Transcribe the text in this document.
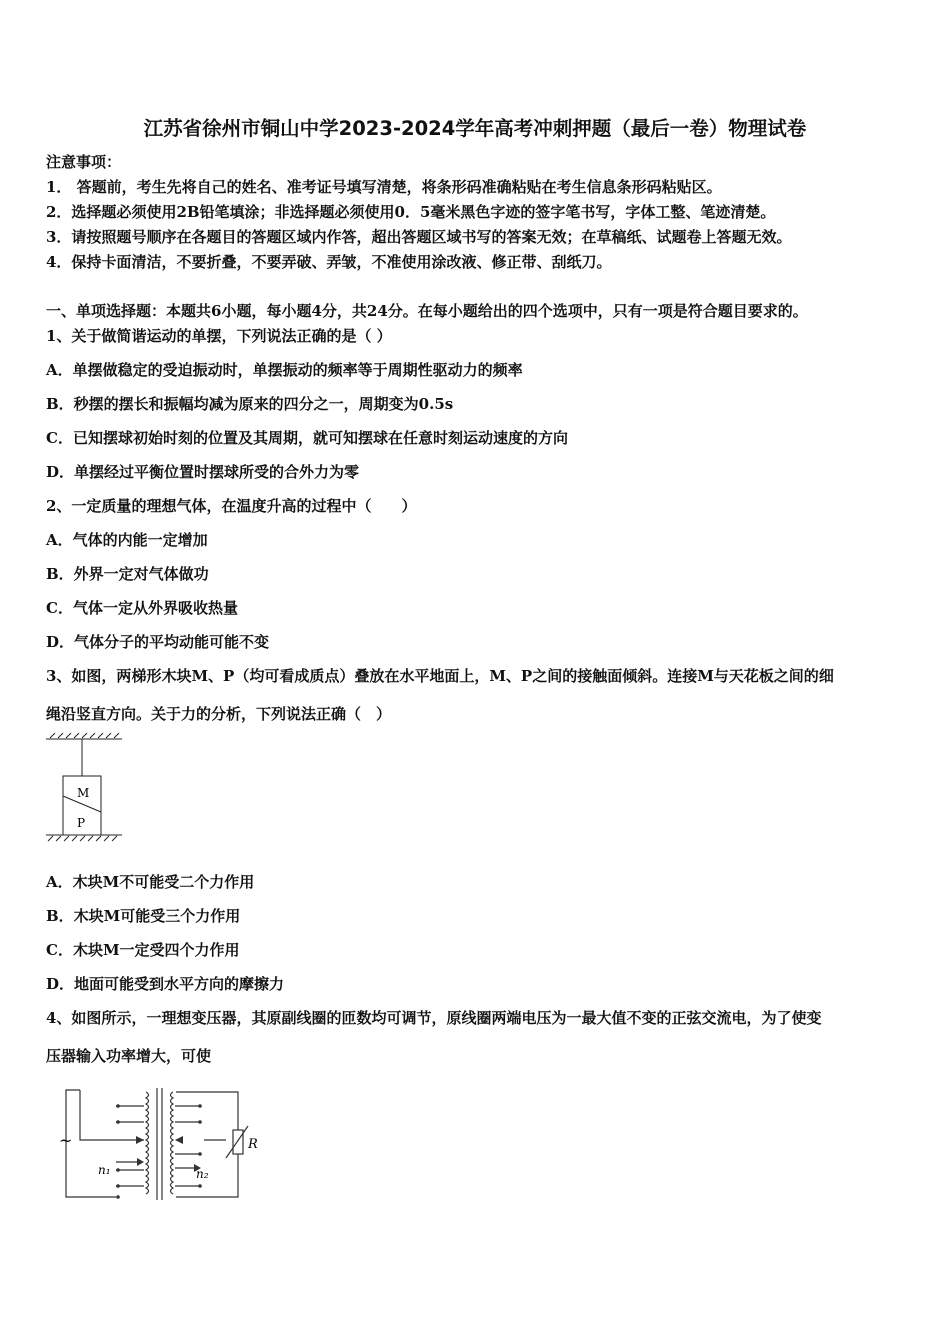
江苏省徐州市铜山中学2023-2024学年高考冲刺押题（最后一卷）物理试卷
注意事项：
1． 答题前，考生先将自己的姓名、准考证号填写清楚，将条形码准确粘贴在考生信息条形码粘贴区。
2．选择题必须使用2B铅笔填涂；非选择题必须使用0．5毫米黑色字迹的签字笔书写，字体工整、笔迹清楚。
3．请按照题号顺序在各题目的答题区域内作答，超出答题区域书写的答案无效；在草稿纸、试题卷上答题无效。
4．保持卡面清洁，不要折叠，不要弄破、弄皱，不准使用涂改液、修正带、刮纸刀。
一、单项选择题：本题共6小题，每小题4分，共24分。在每小题给出的四个选项中，只有一项是符合题目要求的。
1、关于做简谐运动的单摆，下列说法正确的是（ ）
A．单摆做稳定的受迫振动时，单摆振动的频率等于周期性驱动力的频率
B．秒摆的摆长和振幅均减为原来的四分之一，周期变为0.5s
C．已知摆球初始时刻的位置及其周期，就可知摆球在任意时刻运动速度的方向
D．单摆经过平衡位置时摆球所受的合外力为零
2、一定质量的理想气体，在温度升高的过程中（　　）
A．气体的内能一定增加
B．外界一定对气体做功
C．气体一定从外界吸收热量
D．气体分子的平均动能可能不变
3、如图，两梯形木块M、P（均可看成质点）叠放在水平地面上，M、P之间的接触面倾斜。连接M与天花板之间的细
绳沿竖直方向。关于力的分析，下列说法正确（　）
M
P
A．木块M不可能受二个力作用
B．木块M可能受三个力作用
C．木块M一定受四个力作用
D．地面可能受到水平方向的摩擦力
4、如图所示，一理想变压器，其原副线圈的匝数均可调节，原线圈两端电压为一最大值不变的正弦交流电，为了使变
压器输入功率增大，可使
~
n₁	n₂
R
